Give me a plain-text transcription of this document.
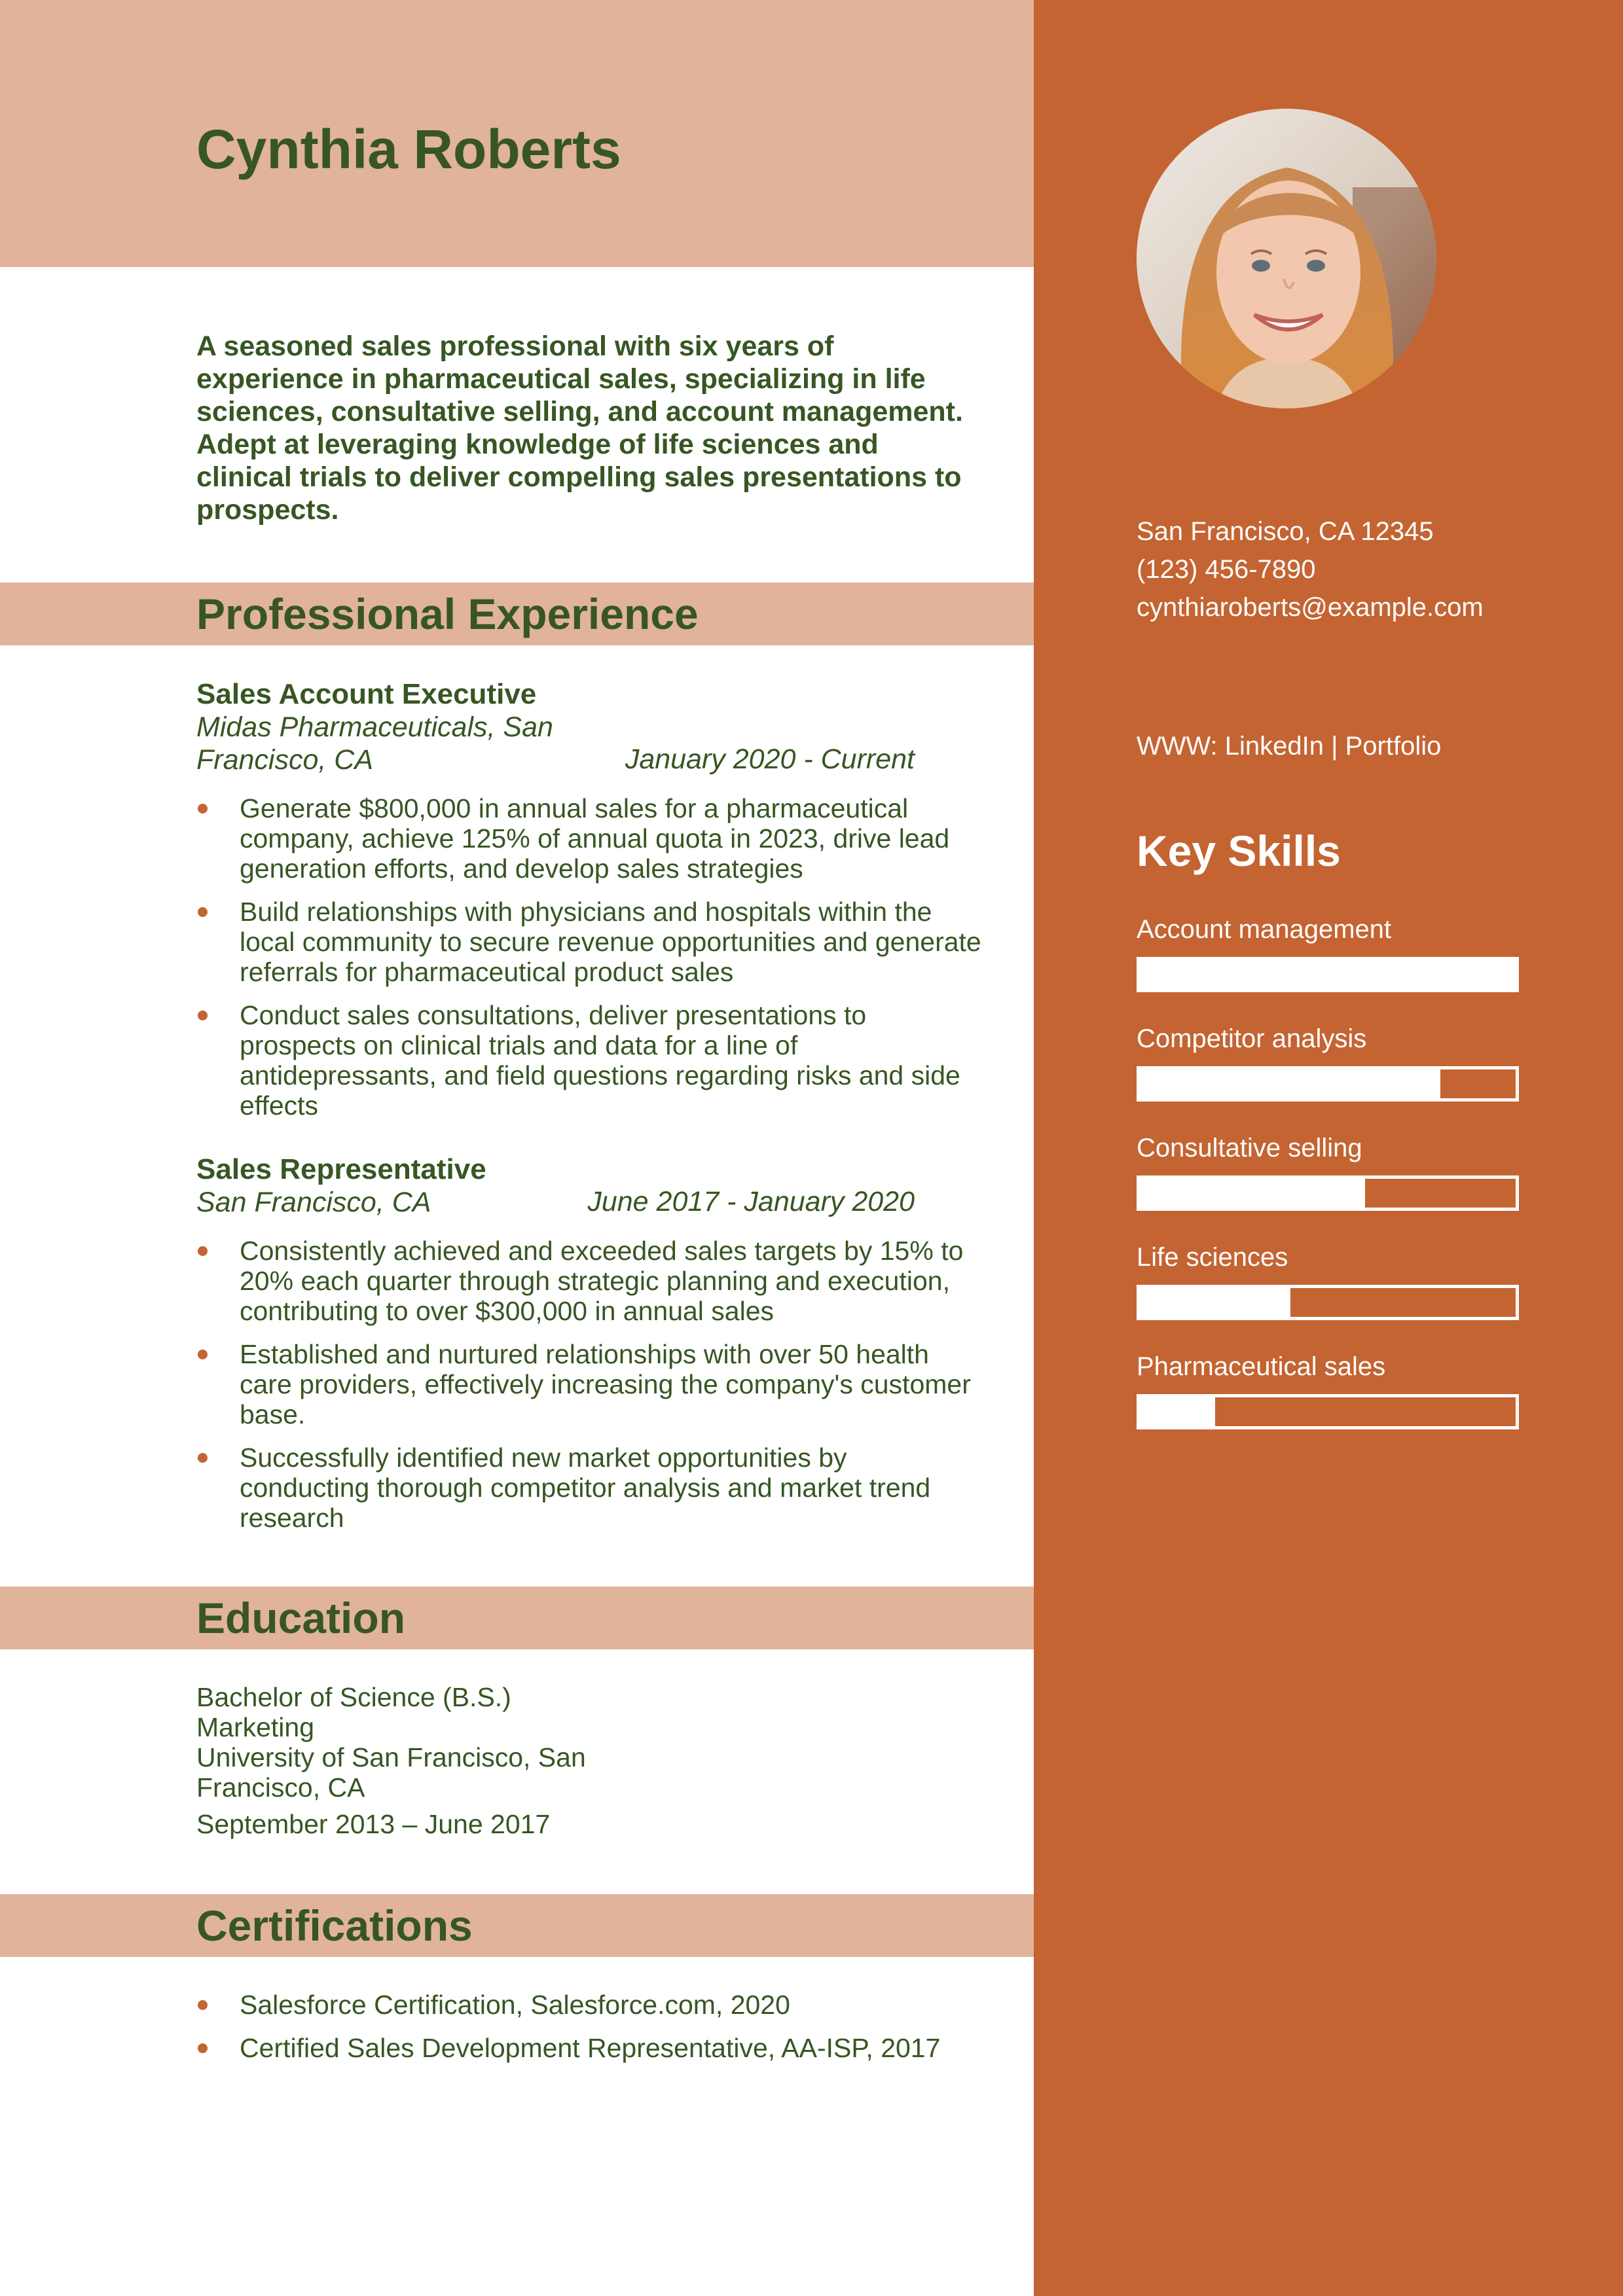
Cynthia Roberts

A seasoned sales professional with six years of experience in pharmaceutical sales, specializing in life sciences, consultative selling, and account management. Adept at leveraging knowledge of life sciences and clinical trials to deliver compelling sales presentations to prospects.

Professional Experience
Sales Account Executive
Midas Pharmaceuticals, San
Francisco, CA	January 2020 - Current
Generate $800,000 in annual sales for a pharmaceutical company, achieve 125% of annual quota in 2023, drive lead generation efforts, and develop sales strategies
Build relationships with physicians and hospitals within the local community to secure revenue opportunities and generate referrals for pharmaceutical product sales
Conduct sales consultations, deliver presentations to prospects on clinical trials and data for a line of antidepressants, and field questions regarding risks and side effects
Sales Representative
San Francisco, CA	June 2017 - January 2020
Consistently achieved and exceeded sales targets by 15% to 20% each quarter through strategic planning and execution, contributing to over $300,000 in annual sales
Established and nurtured relationships with over 50 health care providers, effectively increasing the company's customer base.
Successfully identified new market opportunities by conducting thorough competitor analysis and market trend research
Education
Bachelor of Science (B.S.)
Marketing
University of San Francisco, San
Francisco, CA
September 2013 – June 2017
Certifications
Salesforce Certification, Salesforce.com, 2020
Certified Sales Development Representative, AA-ISP, 2017
San Francisco, CA 12345
(123) 456-7890
cynthiaroberts@example.com
WWW: LinkedIn | Portfolio
Key Skills
Account management
Competitor analysis
Consultative selling
Life sciences
Pharmaceutical sales
